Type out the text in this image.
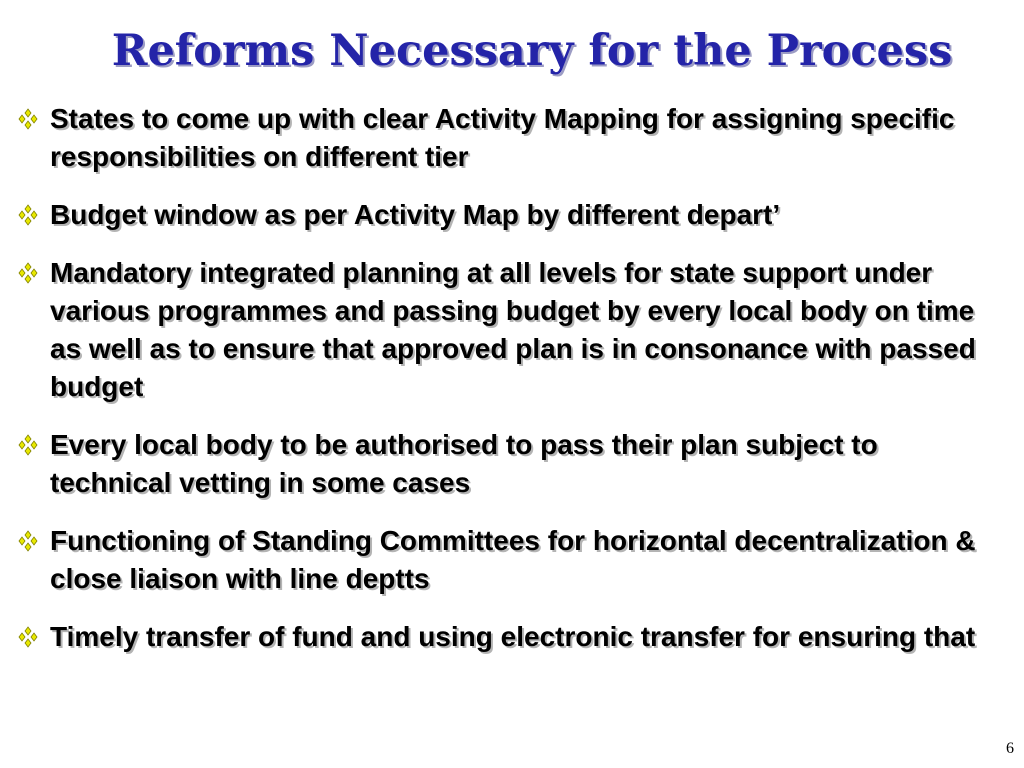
Reforms Necessary for the Process
States to come up with clear Activity Mapping for assigning specific responsibilities on different tier
Budget window as per Activity Map by different depart’
Mandatory integrated planning at all levels for state support under various programmes and passing budget by every local body on time as well as to ensure that approved plan is in consonance with passed budget
Every local body to be authorised to pass their plan subject to technical vetting in some cases
Functioning of Standing Committees for horizontal decentralization & close liaison with line deptts
Timely transfer of fund and using electronic transfer for ensuring that
6
